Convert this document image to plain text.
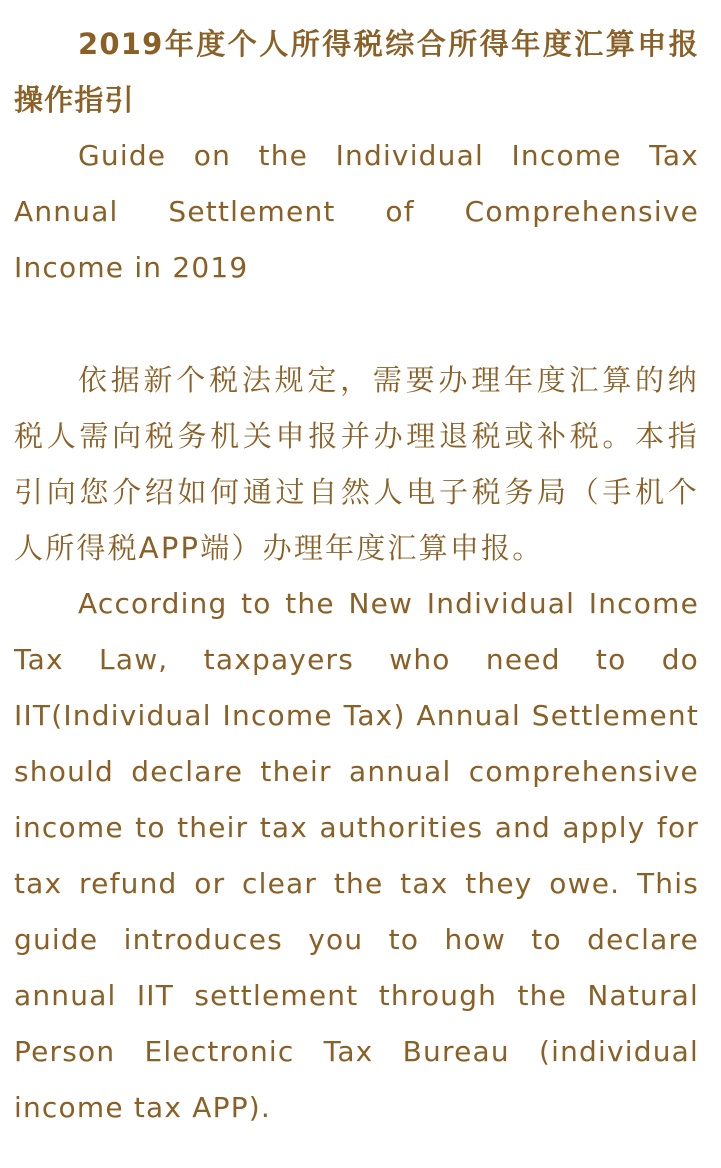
2019年度个人所得税综合所得年度汇算申报操作指引

Guide on the Individual Income Tax Annual Settlement of Comprehensive Income in 2019

依据新个税法规定，需要办理年度汇算的纳税人需向税务机关申报并办理退税或补税。本指引向您介绍如何通过自然人电子税务局（手机个人所得税APP端）办理年度汇算申报。

According to the New Individual Income Tax Law, taxpayers who need to do IIT(Individual Income Tax) Annual Settlement should declare their annual comprehensive income to their tax authorities and apply for tax refund or clear the tax they owe. This guide introduces you to how to declare annual IIT settlement through the Natural Person Electronic Tax Bureau (individual income tax APP).
